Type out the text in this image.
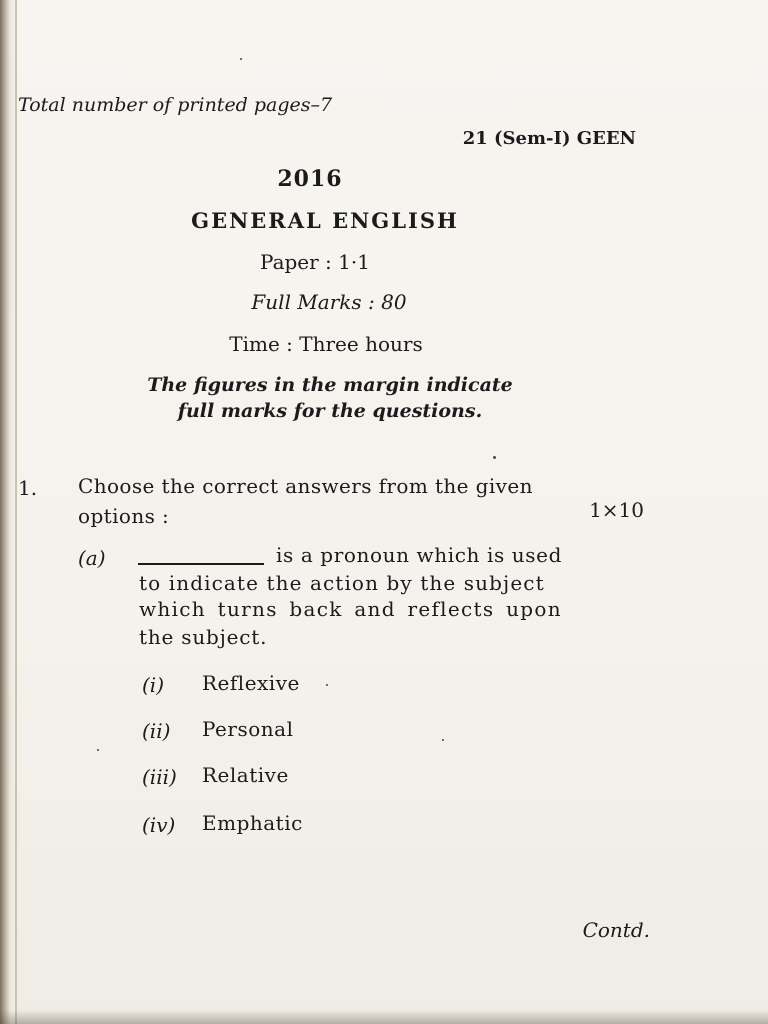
Total number of printed pages–7
21 (Sem-I) GEEN
2016
GENERAL ENGLISH
Paper : 1·1
Full Marks : 80
Time : Three hours
The figures in the margin indicate
full marks for the questions.
1. Choose the correct answers from the given
options :	1×10
(a)	is a pronoun which is used
to indicate the action by the subject
which turns back and reflects upon
the subject.
(i) Reflexive
(ii) Personal
(iii) Relative
(iv) Emphatic
Contd.
